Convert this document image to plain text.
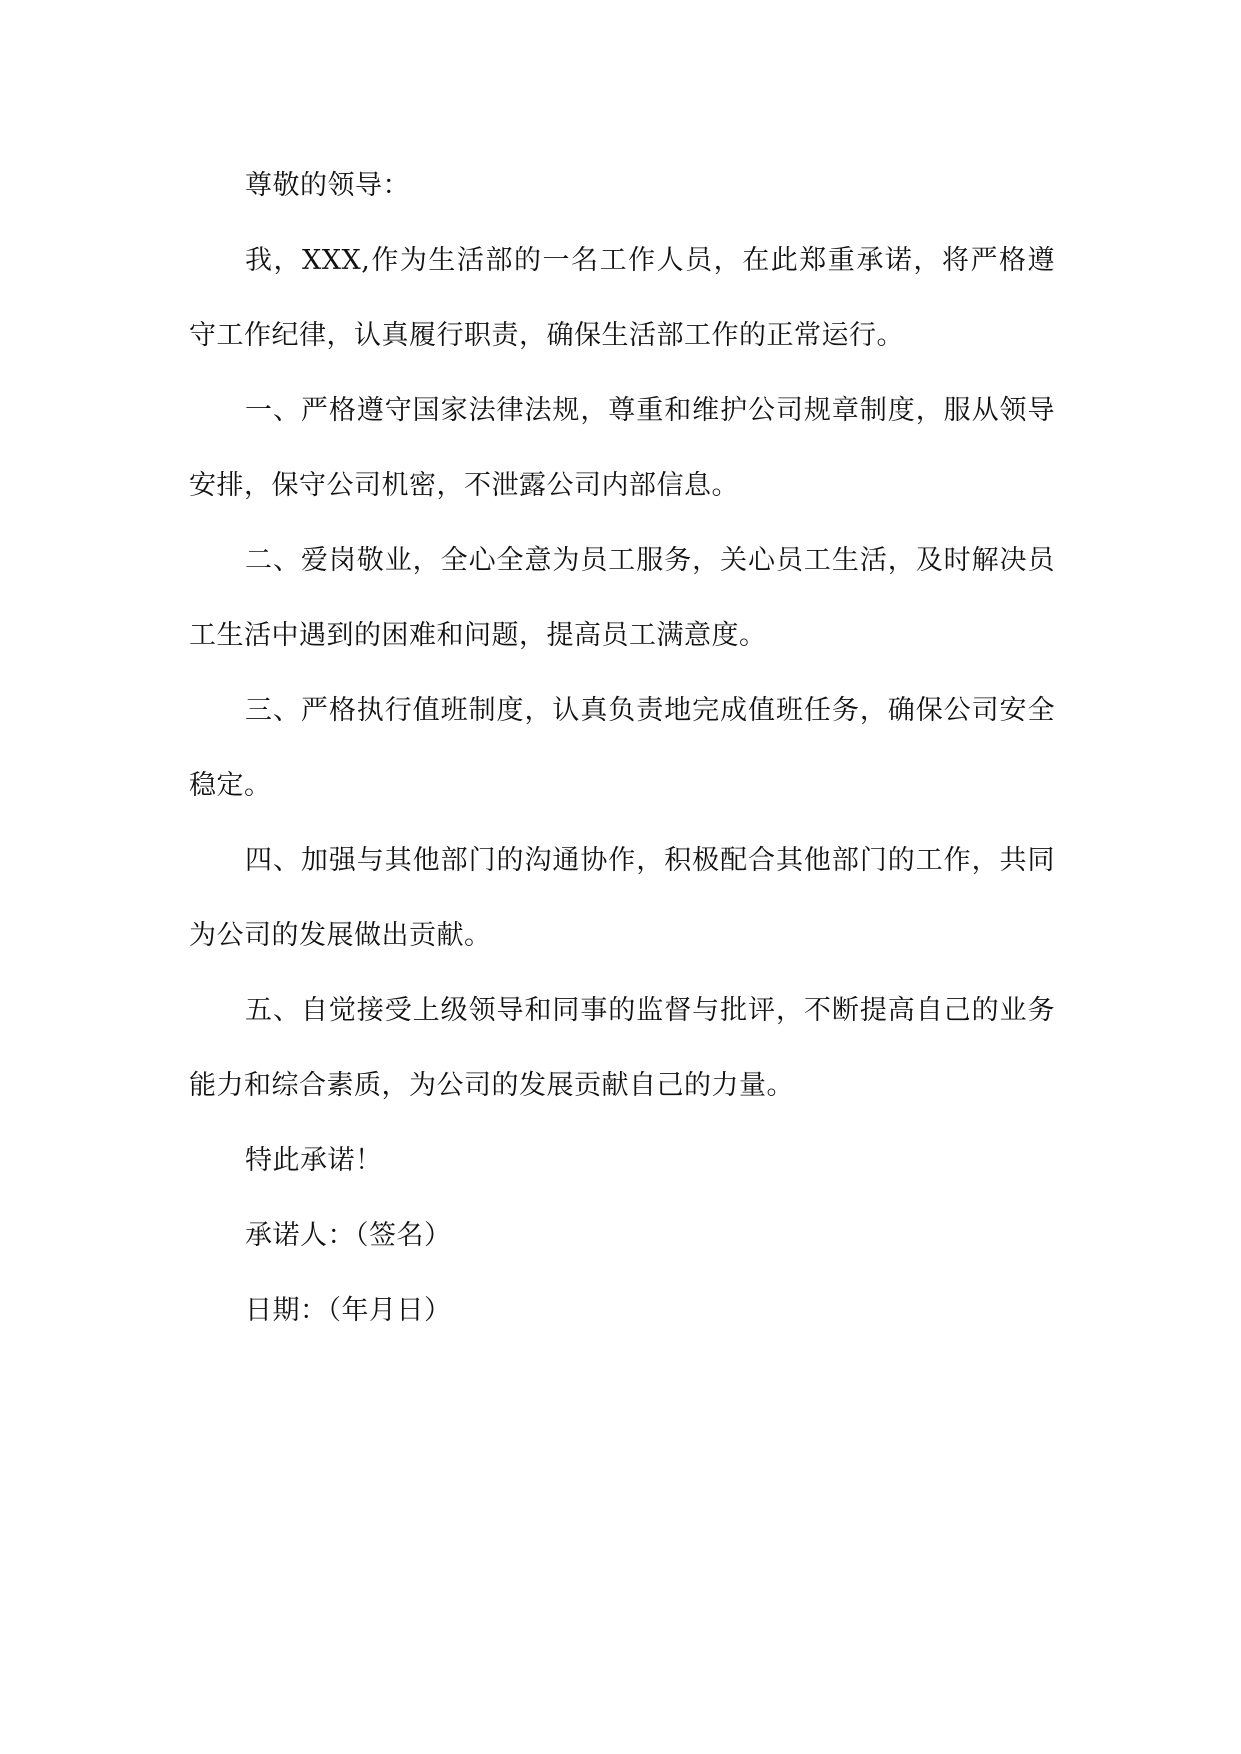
尊敬的领导：

我，XXX,作为生活部的一名工作人员，在此郑重承诺，将严格遵守工作纪律，认真履行职责，确保生活部工作的正常运行。

一、严格遵守国家法律法规，尊重和维护公司规章制度，服从领导安排，保守公司机密，不泄露公司内部信息。

二、爱岗敬业，全心全意为员工服务，关心员工生活，及时解决员工生活中遇到的困难和问题，提高员工满意度。

三、严格执行值班制度，认真负责地完成值班任务，确保公司安全稳定。

四、加强与其他部门的沟通协作，积极配合其他部门的工作，共同为公司的发展做出贡献。

五、自觉接受上级领导和同事的监督与批评，不断提高自己的业务能力和综合素质，为公司的发展贡献自己的力量。

特此承诺！

承诺人：（签名）

日期：（年月日）
